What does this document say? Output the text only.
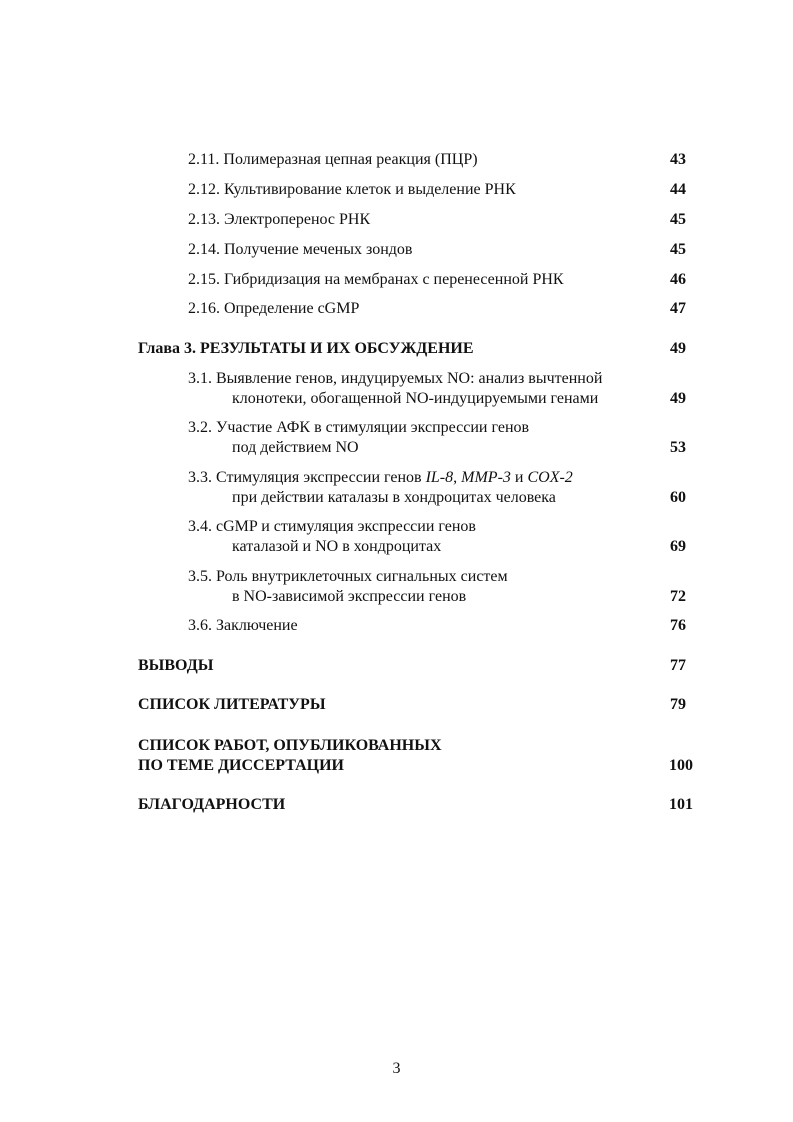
2.11. Полимеразная цепная реакция (ПЦР)	43
2.12. Культивирование клеток и выделение РНК	44
2.13. Электроперенос РНК	45
2.14. Получение меченых зондов	45
2.15. Гибридизация на мембранах с перенесенной РНК	46
2.16. Определение cGMP	47
Глава 3. РЕЗУЛЬТАТЫ И ИХ ОБСУЖДЕНИЕ	49
3.1. Выявление генов, индуцируемых NO: анализ вычтенной
клонотеки, обогащенной NO-индуцируемыми генами	49
3.2. Участие АФК в стимуляции экспрессии генов
под действием NO	53
3.3. Стимуляция экспрессии генов IL-8, MMP-3 и COX-2
при действии каталазы в хондроцитах человека	60
3.4. cGMP и стимуляция экспрессии генов
каталазой и NO в хондроцитах	69
3.5. Роль внутриклеточных сигнальных систем
в NO-зависимой экспрессии генов	72
3.6. Заключение	76
ВЫВОДЫ	77
СПИСОК ЛИТЕРАТУРЫ	79
СПИСОК РАБОТ, ОПУБЛИКОВАННЫХ
ПО ТЕМЕ ДИССЕРТАЦИИ	100
БЛАГОДАРНОСТИ	101
3
